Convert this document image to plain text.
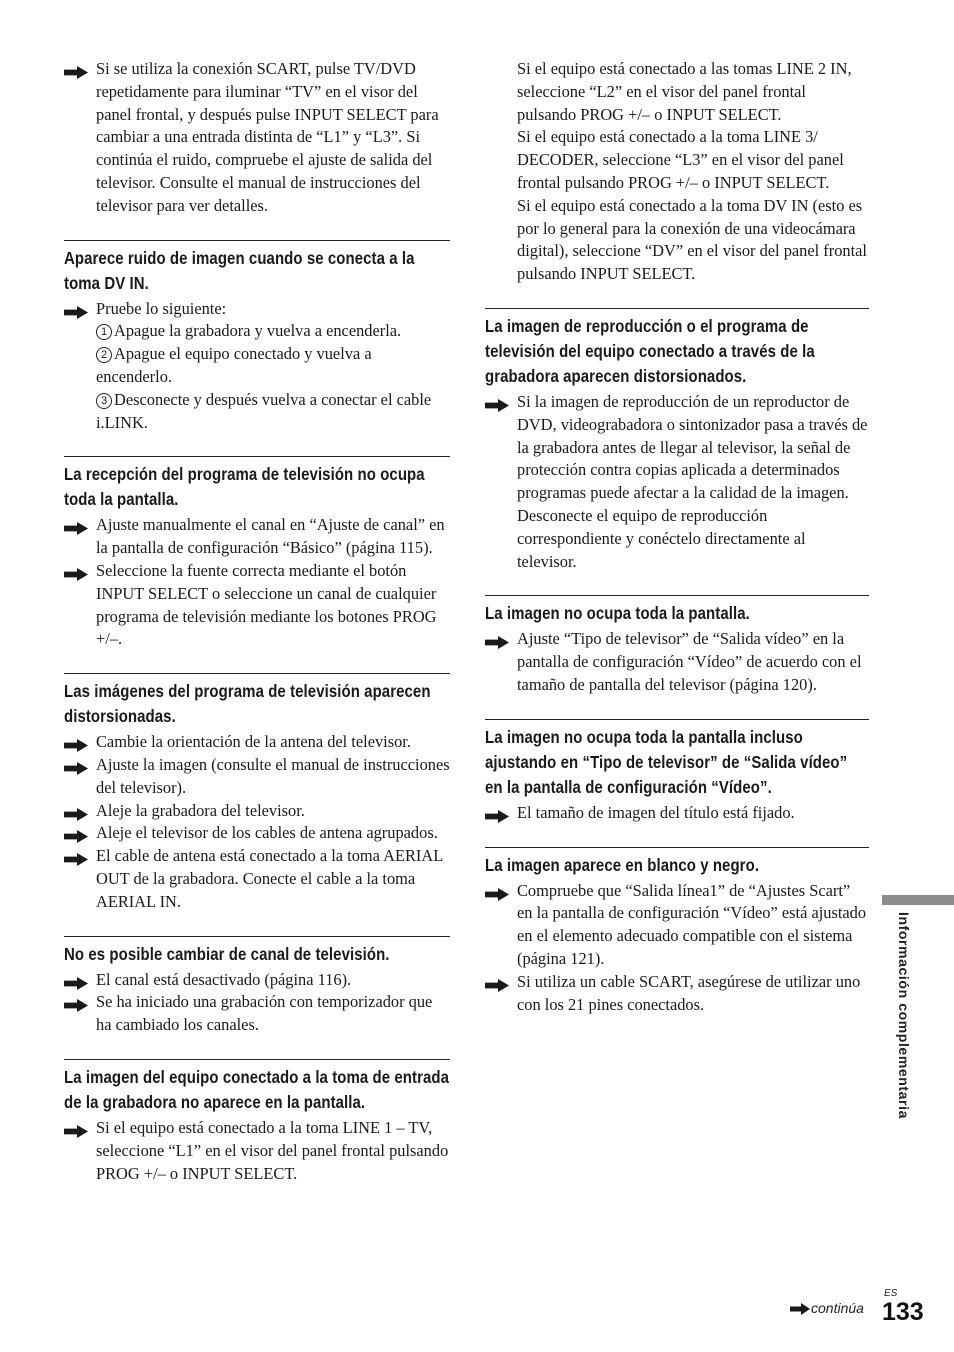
Si se utiliza la conexión SCART, pulse TV/DVD repetidamente para iluminar “TV” en el visor del panel frontal, y después pulse INPUT SELECT para cambiar a una entrada distinta de “L1” y “L3”. Si continúa el ruido, compruebe el ajuste de salida del televisor. Consulte el manual de instrucciones del televisor para ver detalles.
Aparece ruido de imagen cuando se conecta a la toma DV IN.
Pruebe lo siguiente:
1 Apague la grabadora y vuelva a encenderla.
2 Apague el equipo conectado y vuelva a encenderlo.
3 Desconecte y después vuelva a conectar el cable i.LINK.
La recepción del programa de televisión no ocupa toda la pantalla.
Ajuste manualmente el canal en “Ajuste de canal” en la pantalla de configuración “Básico” (página 115).
Seleccione la fuente correcta mediante el botón INPUT SELECT o seleccione un canal de cualquier programa de televisión mediante los botones PROG +/–.
Las imágenes del programa de televisión aparecen distorsionadas.
Cambie la orientación de la antena del televisor.
Ajuste la imagen (consulte el manual de instrucciones del televisor).
Aleje la grabadora del televisor.
Aleje el televisor de los cables de antena agrupados.
El cable de antena está conectado a la toma AERIAL OUT de la grabadora. Conecte el cable a la toma AERIAL IN.
No es posible cambiar de canal de televisión.
El canal está desactivado (página 116).
Se ha iniciado una grabación con temporizador que ha cambiado los canales.
La imagen del equipo conectado a la toma de entrada de la grabadora no aparece en la pantalla.
Si el equipo está conectado a la toma LINE 1 – TV, seleccione “L1” en el visor del panel frontal pulsando PROG +/– o INPUT SELECT.
Si el equipo está conectado a las tomas LINE 2 IN, seleccione “L2” en el visor del panel frontal pulsando PROG +/– o INPUT SELECT.
Si el equipo está conectado a la toma LINE 3/ DECODER, seleccione “L3” en el visor del panel frontal pulsando PROG +/– o INPUT SELECT.
Si el equipo está conectado a la toma DV IN (esto es por lo general para la conexión de una videocámara digital), seleccione “DV” en el visor del panel frontal pulsando INPUT SELECT.
La imagen de reproducción o el programa de televisión del equipo conectado a través de la grabadora aparecen distorsionados.
Si la imagen de reproducción de un reproductor de DVD, videograbadora o sintonizador pasa a través de la grabadora antes de llegar al televisor, la señal de protección contra copias aplicada a determinados programas puede afectar a la calidad de la imagen. Desconecte el equipo de reproducción correspondiente y conéctelo directamente al televisor.
La imagen no ocupa toda la pantalla.
Ajuste “Tipo de televisor” de “Salida vídeo” en la pantalla de configuración “Vídeo” de acuerdo con el tamaño de pantalla del televisor (página 120).
La imagen no ocupa toda la pantalla incluso ajustando en “Tipo de televisor” de “Salida vídeo” en la pantalla de configuración “Vídeo”.
El tamaño de imagen del título está fijado.
La imagen aparece en blanco y negro.
Compruebe que “Salida línea1” de “Ajustes Scart” en la pantalla de configuración “Vídeo” está ajustado en el elemento adecuado compatible con el sistema (página 121).
Si utiliza un cable SCART, asegúrese de utilizar uno con los 21 pines conectados.	Información complementaria
continúa
ES
133
